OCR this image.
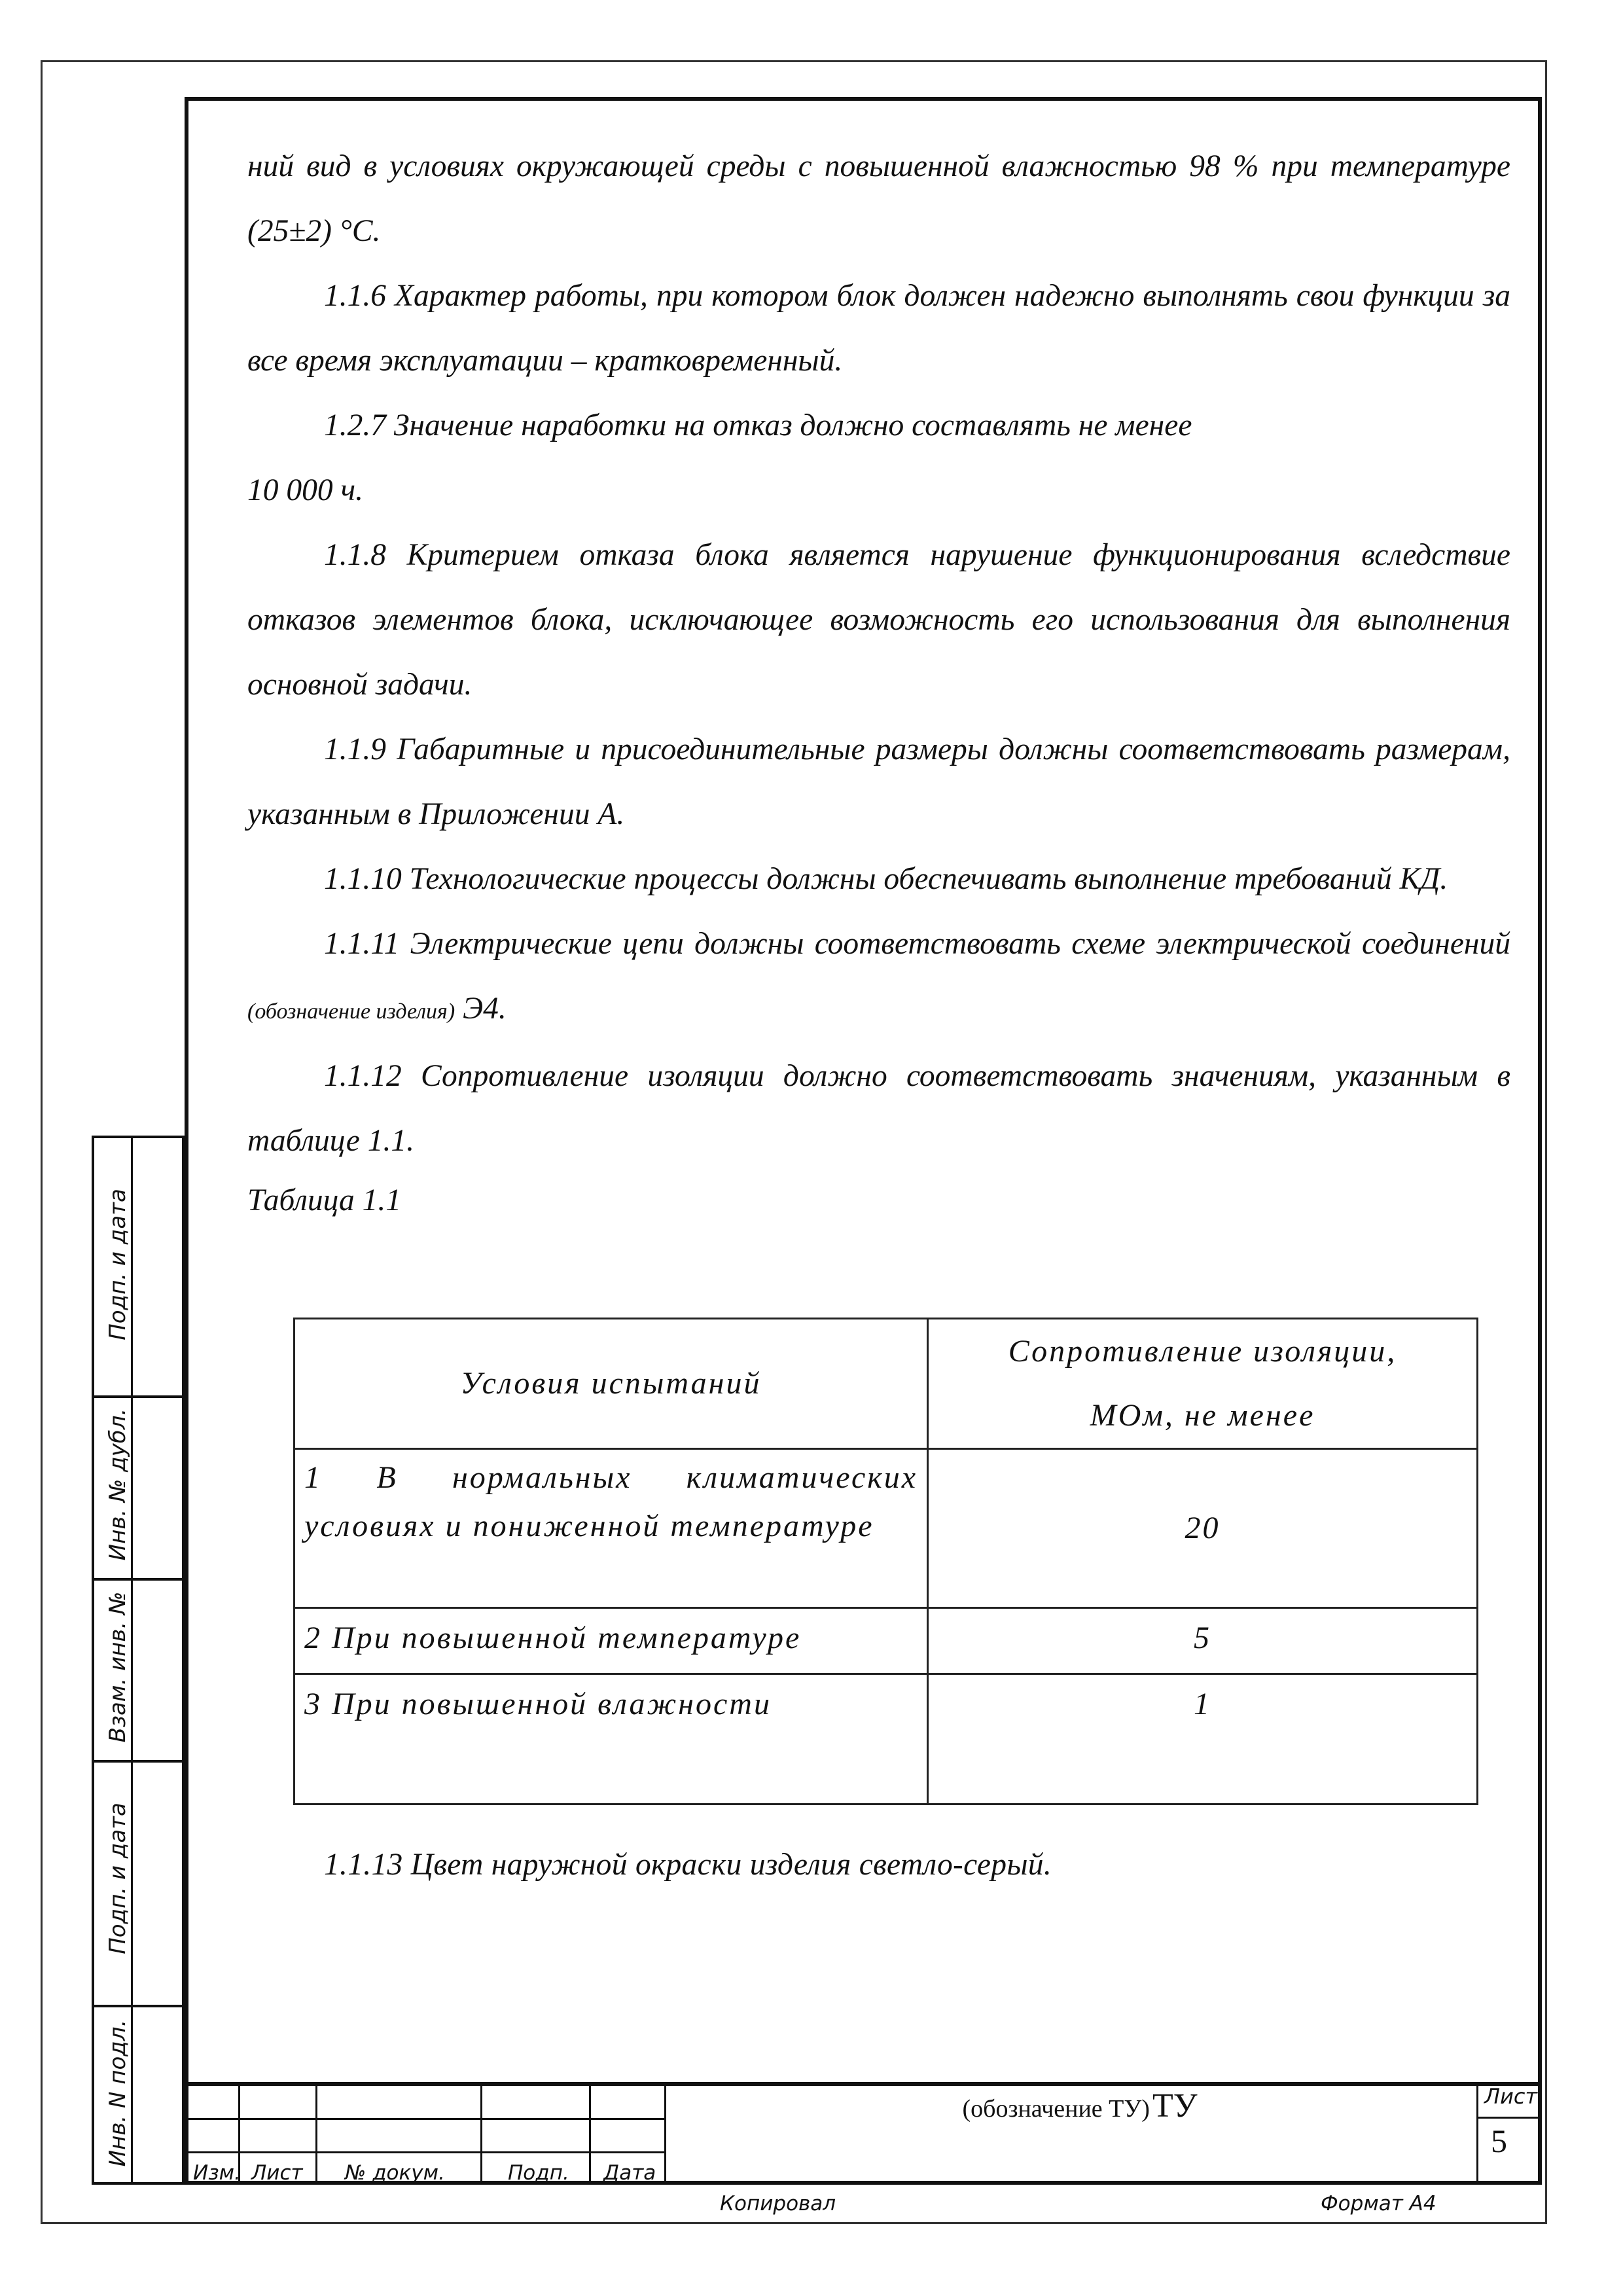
ний вид в условиях окружающей среды с повышенной влажностью 98 % при температуре (25±2) °С.

1.1.6 Характер работы, при котором блок должен надежно выполнять свои функции за все время эксплуатации – кратковременный.

1.2.7 Значение наработки на отказ должно составлять не менее

10 000 ч.

1.1.8 Критерием отказа блока является нарушение функционирования вследствие отказов элементов блока, исключающее возможность его использования для выполнения основной задачи.

1.1.9 Габаритные и присоединительные размеры должны соответствовать размерам, указанным в Приложении А.

1.1.10 Технологические процессы должны обеспечивать выполнение требований КД.

1.1.11 Электрические цепи должны соответствовать схеме электрической соединений (обозначение изделия) Э4.

1.1.12 Сопротивление изоляции должно соответствовать значениям, указанным в таблице 1.1.

Таблица 1.1

Условия испытаний	Сопротивление изоляции,
МОм, не менее

1 В нормальных климатических условиях и пониженной температуре	20
2 При повышенной температуре	5
3 При повышенной влажности	1
1.1.13 Цвет наружной окраски изделия светло-серый.
Подп. и дата
Инв. № дубл.
Взам. инв. №
Подп. и дата
Инв. N подл.
Изм. Лист № докум.	Подп. Дата
(обозначение ТУ) ТУ	Лист
5
Копировал	Формат А4
